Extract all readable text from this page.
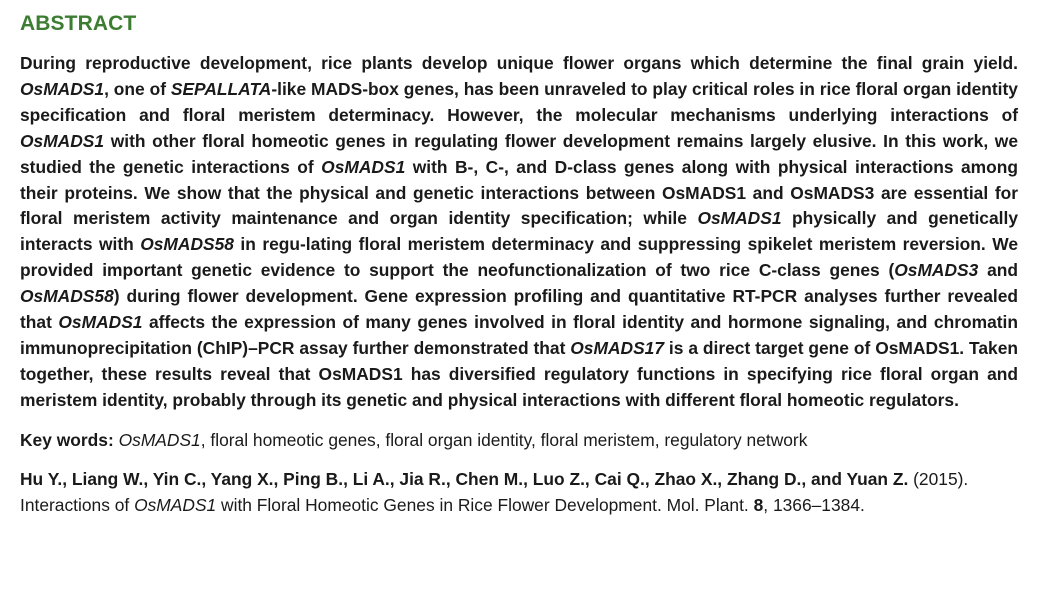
ABSTRACT

During reproductive development, rice plants develop unique flower organs which determine the final grain yield. OsMADS1, one of SEPALLATA-like MADS-box genes, has been unraveled to play critical roles in rice floral organ identity specification and floral meristem determinacy. However, the molecular mechanisms underlying interactions of OsMADS1 with other floral homeotic genes in regulating flower development remains largely elusive. In this work, we studied the genetic interactions of OsMADS1 with B-, C-, and D-class genes along with physical interactions among their proteins. We show that the physical and genetic interactions between OsMADS1 and OsMADS3 are essential for floral meristem activity maintenance and organ identity specification; while OsMADS1 physically and genetically interacts with OsMADS58 in regu-lating floral meristem determinacy and suppressing spikelet meristem reversion. We provided important genetic evidence to support the neofunctionalization of two rice C-class genes (OsMADS3 and OsMADS58) during flower development. Gene expression profiling and quantitative RT-PCR analyses further revealed that OsMADS1 affects the expression of many genes involved in floral identity and hormone signaling, and chromatin immunoprecipitation (ChIP)–PCR assay further demonstrated that OsMADS17 is a direct target gene of OsMADS1. Taken together, these results reveal that OsMADS1 has diversified regulatory functions in specifying rice floral organ and meristem identity, probably through its genetic and physical interactions with different floral homeotic regulators.

Key words: OsMADS1, floral homeotic genes, floral organ identity, floral meristem, regulatory network

Hu Y., Liang W., Yin C., Yang X., Ping B., Li A., Jia R., Chen M., Luo Z., Cai Q., Zhao X., Zhang D., and Yuan Z. (2015). Interactions of OsMADS1 with Floral Homeotic Genes in Rice Flower Development. Mol. Plant. 8, 1366–1384.
